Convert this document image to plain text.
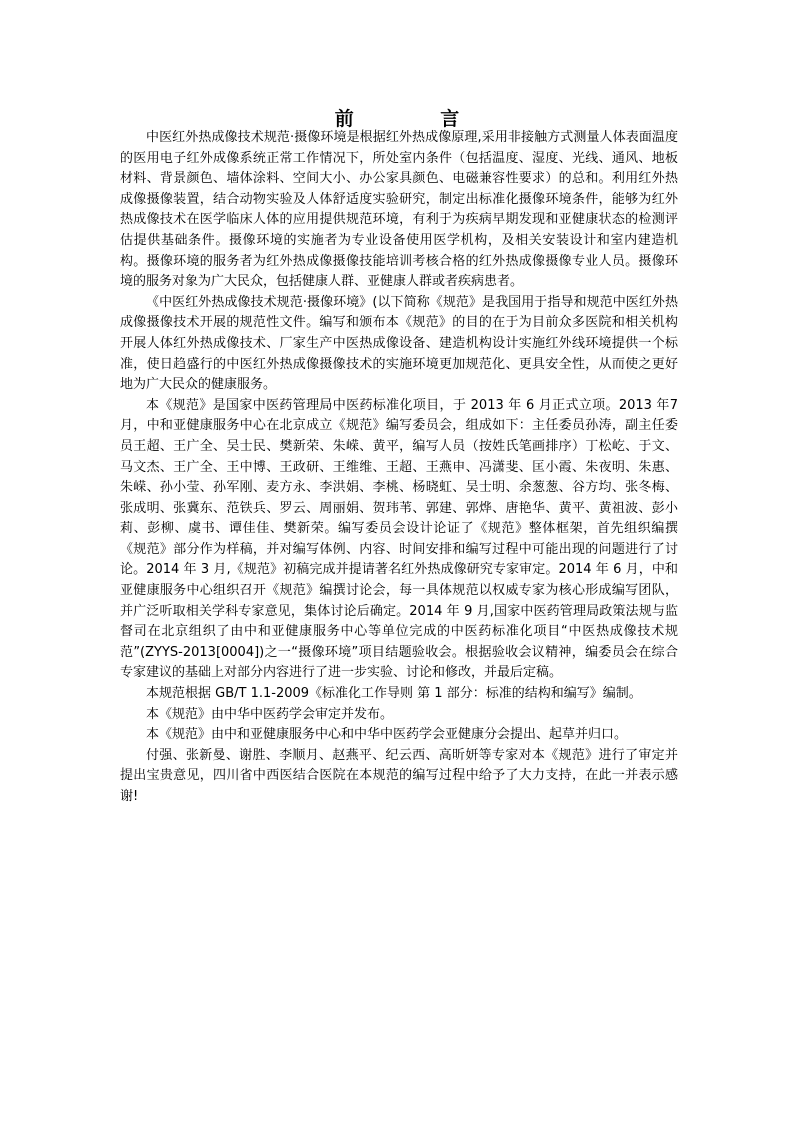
前 言

中医红外热成像技术规范·摄像环境是根据红外热成像原理,采用非接触方式测量人体表面温度的医用电子红外成像系统正常工作情况下，所处室内条件（包括温度、湿度、光线、通风、地板材料、背景颜色、墙体涂料、空间大小、办公家具颜色、电磁兼容性要求）的总和。利用红外热成像摄像装置，结合动物实验及人体舒适度实验研究，制定出标准化摄像环境条件，能够为红外热成像技术在医学临床人体的应用提供规范环境，有利于为疾病早期发现和亚健康状态的检测评估提供基础条件。摄像环境的实施者为专业设备使用医学机构，及相关安装设计和室内建造机构。摄像环境的服务者为红外热成像摄像技能培训考核合格的红外热成像摄像专业人员。摄像环境的服务对象为广大民众，包括健康人群、亚健康人群或者疾病患者。

《中医红外热成像技术规范·摄像环境》(以下简称《规范》是我国用于指导和规范中医红外热成像摄像技术开展的规范性文件。编写和颁布本《规范》的目的在于为目前众多医院和相关机构开展人体红外热成像技术、厂家生产中医热成像设备、建造机构设计实施红外线环境提供一个标准，使日趋盛行的中医红外热成像摄像技术的实施环境更加规范化、更具安全性，从而使之更好地为广大民众的健康服务。

本《规范》是国家中医药管理局中医药标准化项目，于 2013 年 6 月正式立项。2013 年7月，中和亚健康服务中心在北京成立《规范》编写委员会，组成如下：主任委员孙涛，副主任委员王超、王广全、吴士民、樊新荣、朱嵘、黄平，编写人员（按姓氏笔画排序）丁松屹、于文、马文杰、王广全、王中博、王政研、王维维、王超、王燕申、冯潇斐、匡小霞、朱夜明、朱惠、朱嵘、孙小莹、孙军刚、麦方永、李洪娟、李桃、杨晓虹、吴士明、余葱葱、谷方均、张冬梅、张成明、张冀东、范铁兵、罗云、周丽娟、贺玮苇、郭建、郭烨、唐艳华、黄平、黄祖波、彭小莉、彭柳、虞书、谭佳佳、樊新荣。编写委员会设计论证了《规范》整体框架，首先组织编撰《规范》部分作为样稿，并对编写体例、内容、时间安排和编写过程中可能出现的问题进行了讨论。2014 年 3 月,《规范》初稿完成并提请著名红外热成像研究专家审定。2014 年 6 月，中和亚健康服务中心组织召开《规范》编撰讨论会，每一具体规范以权威专家为核心形成编写团队，并广泛听取相关学科专家意见，集体讨论后确定。2014 年 9 月,国家中医药管理局政策法规与监督司在北京组织了由中和亚健康服务中心等单位完成的中医药标准化项目“中医热成像技术规范”(ZYYS-2013[0004])之一“摄像环境”项目结题验收会。根据验收会议精神，编委员会在综合专家建议的基础上对部分内容进行了进一步实验、讨论和修改，并最后定稿。

本规范根据 GB/T 1.1-2009《标准化工作导则 第 1 部分：标准的结构和编写》编制。

本《规范》由中华中医药学会审定并发布。

本《规范》由中和亚健康服务中心和中华中医药学会亚健康分会提出、起草并归口。

付强、张新曼、谢胜、李顺月、赵燕平、纪云西、高昕妍等专家对本《规范》进行了审定并提出宝贵意见，四川省中西医结合医院在本规范的编写过程中给予了大力支持，在此一并表示感谢!
